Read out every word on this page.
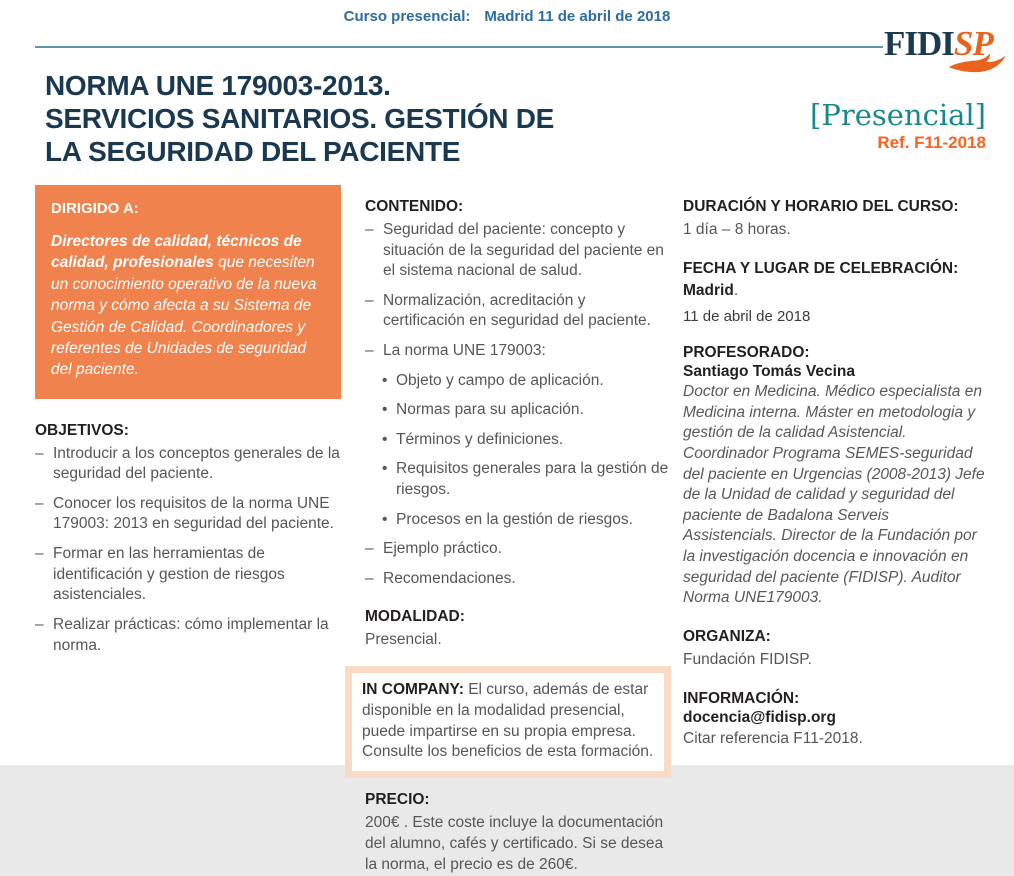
Curso presencial: Madrid 11 de abril de 2018
FIDISP
NORMA UNE 179003-2013.
SERVICIOS SANITARIOS. GESTIÓN DE
LA SEGURIDAD DEL PACIENTE
[Presencial]
Ref. F11-2018
DIRIGIDO A:

Directores de calidad, técnicos de calidad, profesionales que necesiten un conocimiento operativo de la nueva norma y cómo afecta a su Sistema de Gestión de Calidad. Coordinadores y referentes de Unidades de seguridad del paciente.

OBJETIVOS:
– Introducir a los conceptos generales de la seguridad del paciente.
– Conocer los requisitos de la norma UNE 179003: 2013 en seguridad del paciente.
– Formar en las herramientas de identificación y gestion de riesgos asistenciales.
– Realizar prácticas: cómo implementar la norma.
CONTENIDO:
– Seguridad del paciente: concepto y situación de la seguridad del paciente en el sistema nacional de salud.
– Normalización, acreditación y certificación en seguridad del paciente.
– La norma UNE 179003:
• Objeto y campo de aplicación.
• Normas para su aplicación.
• Términos y definiciones.
• Requisitos generales para la gestión de riesgos.
• Procesos en la gestión de riesgos.
– Ejemplo práctico.
– Recomendaciones.
MODALIDAD:
Presencial.

IN COMPANY: El curso, además de estar disponible en la modalidad presencial, puede impartirse en su propia empresa. Consulte los beneficios de esta formación.

PRECIO:
200€ . Este coste incluye la documentación del alumno, cafés y certificado. Si se desea la norma, el precio es de 260€.
DURACIÓN Y HORARIO DEL CURSO:
1 día – 8 horas.
FECHA Y LUGAR DE CELEBRACIÓN:
Madrid.
11 de abril de 2018
PROFESORADO:
Santiago Tomás Vecina
Doctor en Medicina. Médico especialista en Medicina interna. Máster en metodologia y gestión de la calidad Asistencial. Coordinador Programa SEMES-seguridad del paciente en Urgencias (2008-2013) Jefe de la Unidad de calidad y seguridad del paciente de Badalona Serveis Assistencials. Director de la Fundación por la investigación docencia e innovación en seguridad del paciente (FIDISP). Auditor Norma UNE179003.
ORGANIZA:
Fundación FIDISP.
INFORMACIÓN:
docencia@fidisp.org
Citar referencia F11-2018.
